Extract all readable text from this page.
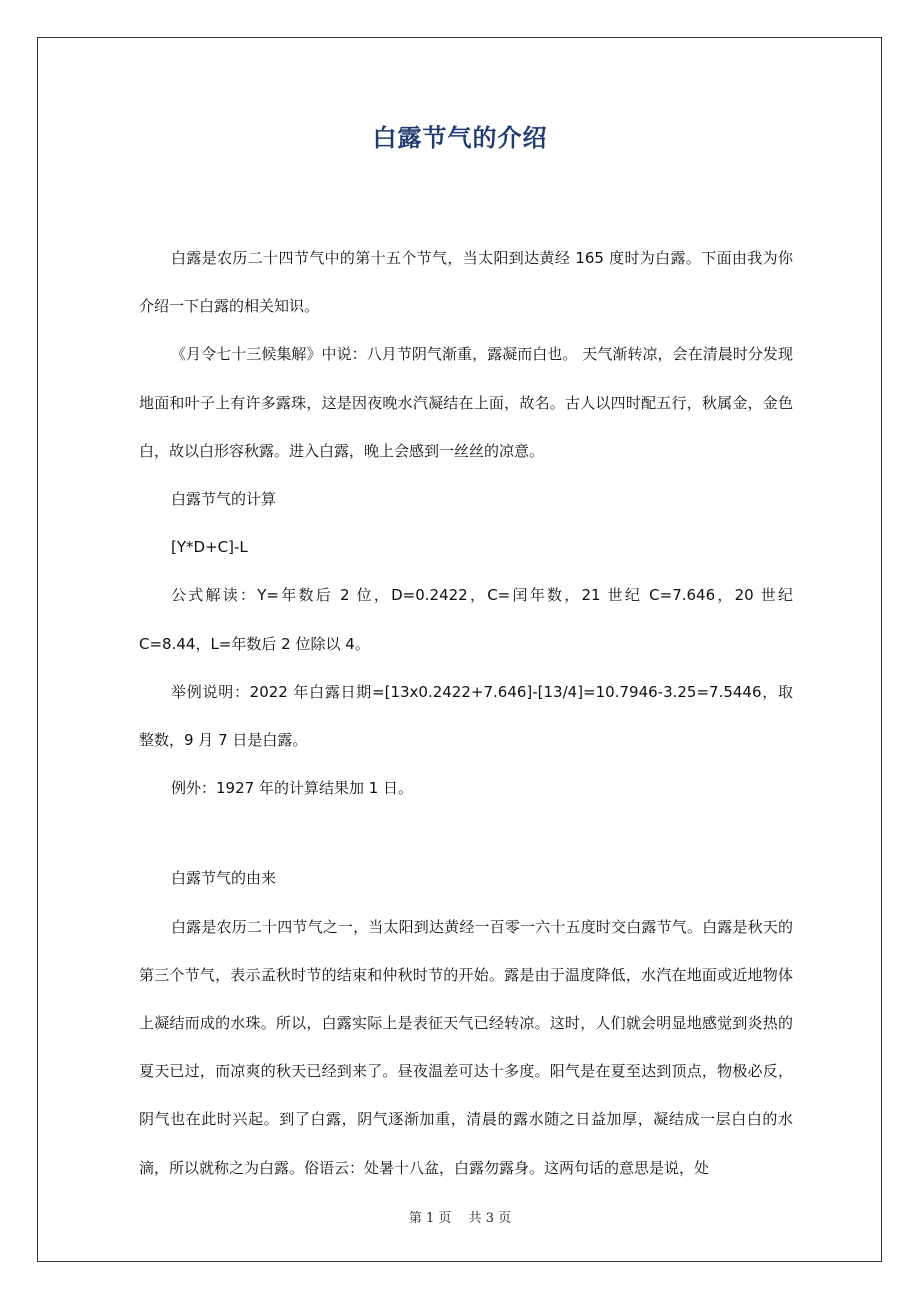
白露节气的介绍

白露是农历二十四节气中的第十五个节气，当太阳到达黄经 165 度时为白露。下面由我为你介绍一下白露的相关知识。

《月令七十三候集解》中说：八月节阴气渐重，露凝而白也。 天气渐转凉，会在清晨时分发现地面和叶子上有许多露珠，这是因夜晚水汽凝结在上面，故名。古人以四时配五行，秋属金，金色白，故以白形容秋露。进入白露，晚上会感到一丝丝的凉意。

白露节气的计算

[Y*D+C]-L

公式解读：Y=年数后 2 位，D=0.2422，C=闰年数，21 世纪 C=7.646，20 世纪 C=8.44，L=年数后 2 位除以 4。

举例说明：2022 年白露日期=[13x0.2422+7.646]-[13/4]=10.7946-3.25=7.5446，取整数，9 月 7 日是白露。

例外：1927 年的计算结果加 1 日。

白露节气的由来

白露是农历二十四节气之一，当太阳到达黄经一百零一六十五度时交白露节气。白露是秋天的第三个节气，表示孟秋时节的结束和仲秋时节的开始。露是由于温度降低，水汽在地面或近地物体上凝结而成的水珠。所以，白露实际上是表征天气已经转凉。这时，人们就会明显地感觉到炎热的夏天已过，而凉爽的秋天已经到来了。昼夜温差可达十多度。阳气是在夏至达到顶点，物极必反，阴气也在此时兴起。到了白露，阴气逐渐加重，清晨的露水随之日益加厚，凝结成一层白白的水滴，所以就称之为白露。俗语云：处暑十八盆，白露勿露身。这两句话的意思是说，处

第 1 页　 共 3 页
